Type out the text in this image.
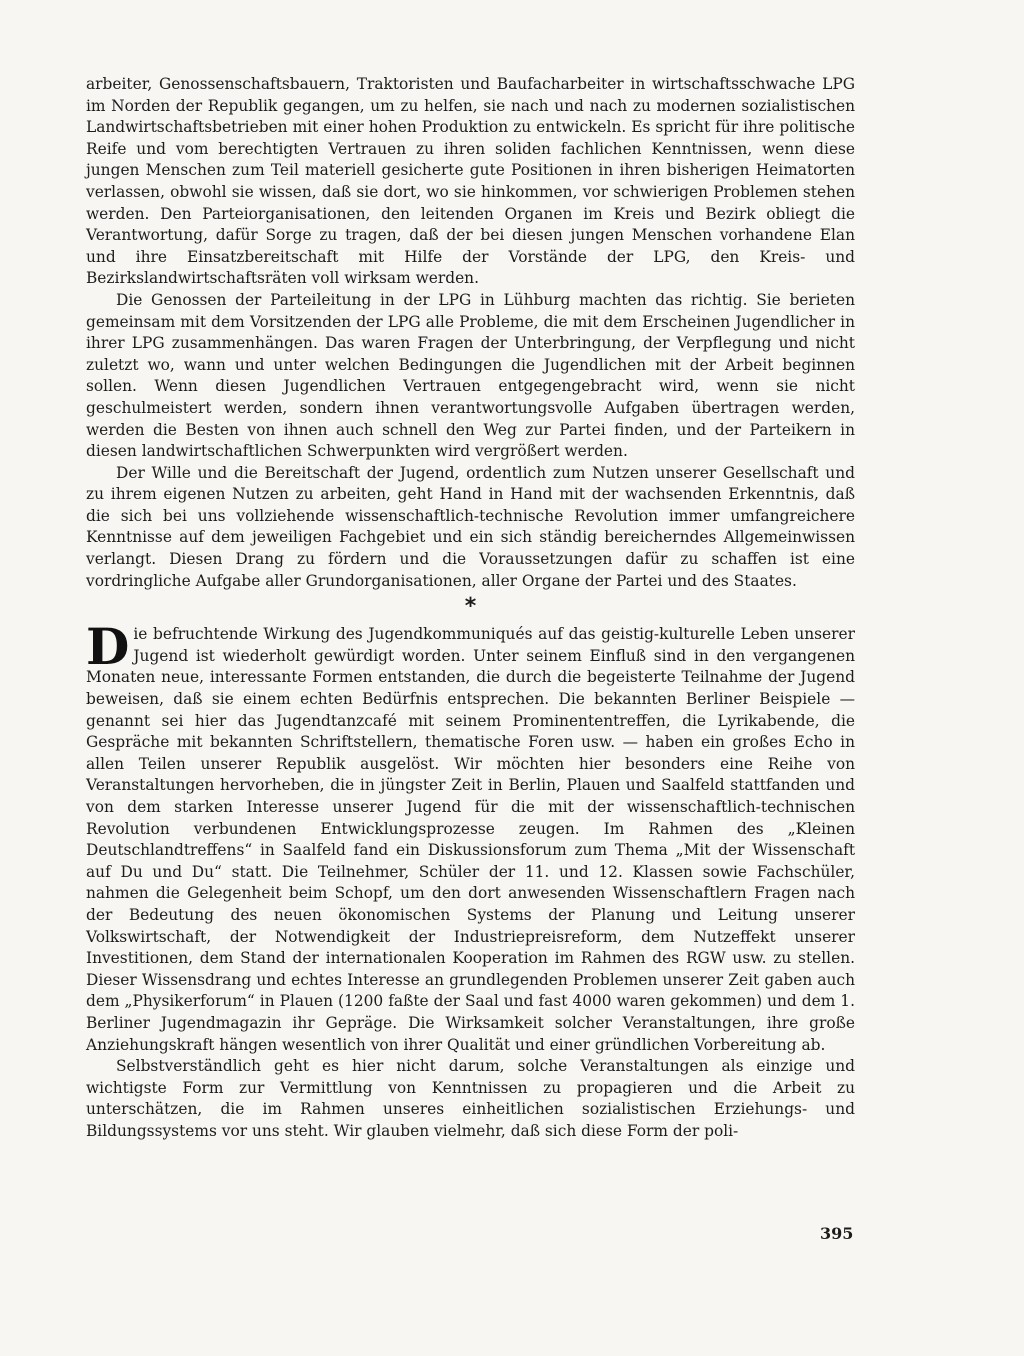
arbeiter, Genossenschaftsbauern, Traktoristen und Baufacharbeiter in wirtschaftsschwache LPG im Norden der Republik gegangen, um zu helfen, sie nach und nach zu modernen sozialistischen Landwirtschaftsbetrieben mit einer hohen Produktion zu entwickeln. Es spricht für ihre politische Reife und vom berechtigten Vertrauen zu ihren soliden fachlichen Kenntnissen, wenn diese jungen Menschen zum Teil materiell gesicherte gute Positionen in ihren bisherigen Heimatorten verlassen, obwohl sie wissen, daß sie dort, wo sie hinkommen, vor schwierigen Problemen stehen werden. Den Parteiorganisationen, den leitenden Organen im Kreis und Bezirk obliegt die Verantwortung, dafür Sorge zu tragen, daß der bei diesen jungen Menschen vorhandene Elan und ihre Einsatzbereitschaft mit Hilfe der Vorstände der LPG, den Kreis- und Bezirkslandwirtschaftsräten voll wirksam werden.

Die Genossen der Parteileitung in der LPG in Lühburg machten das richtig. Sie berieten gemeinsam mit dem Vorsitzenden der LPG alle Probleme, die mit dem Erscheinen Jugendlicher in ihrer LPG zusammenhängen. Das waren Fragen der Unterbringung, der Verpflegung und nicht zuletzt wo, wann und unter welchen Bedingungen die Jugendlichen mit der Arbeit beginnen sollen. Wenn diesen Jugendlichen Vertrauen entgegengebracht wird, wenn sie nicht geschulmeistert werden, sondern ihnen verantwortungsvolle Aufgaben übertragen werden, werden die Besten von ihnen auch schnell den Weg zur Partei finden, und der Parteikern in diesen landwirtschaftlichen Schwerpunkten wird vergrößert werden.

Der Wille und die Bereitschaft der Jugend, ordentlich zum Nutzen unserer Gesellschaft und zu ihrem eigenen Nutzen zu arbeiten, geht Hand in Hand mit der wachsenden Erkenntnis, daß die sich bei uns vollziehende wissenschaftlich-technische Revolution immer umfangreichere Kenntnisse auf dem jeweiligen Fachgebiet und ein sich ständig bereicherndes Allgemeinwissen verlangt. Diesen Drang zu fördern und die Voraussetzungen dafür zu schaffen ist eine vordringliche Aufgabe aller Grundorganisationen, aller Organe der Partei und des Staates.

*

Die befruchtende Wirkung des Jugendkommuniqués auf das geistig-kulturelle Leben unserer Jugend ist wiederholt gewürdigt worden. Unter seinem Einfluß sind in den vergangenen Monaten neue, interessante Formen entstanden, die durch die begeisterte Teilnahme der Jugend beweisen, daß sie einem echten Bedürfnis entsprechen. Die bekannten Berliner Beispiele — genannt sei hier das Jugendtanzcafé mit seinem Prominententreffen, die Lyrikabende, die Gespräche mit bekannten Schriftstellern, thematische Foren usw. — haben ein großes Echo in allen Teilen unserer Republik ausgelöst. Wir möchten hier besonders eine Reihe von Veranstaltungen hervorheben, die in jüngster Zeit in Berlin, Plauen und Saalfeld stattfanden und von dem starken Interesse unserer Jugend für die mit der wissenschaftlich-technischen Revolution verbundenen Entwicklungsprozesse zeugen. Im Rahmen des „Kleinen Deutschlandtreffens“ in Saalfeld fand ein Diskussionsforum zum Thema „Mit der Wissenschaft auf Du und Du“ statt. Die Teilnehmer, Schüler der 11. und 12. Klassen sowie Fachschüler, nahmen die Gelegenheit beim Schopf, um den dort anwesenden Wissenschaftlern Fragen nach der Bedeutung des neuen ökonomischen Systems der Planung und Leitung unserer Volkswirtschaft, der Notwendigkeit der Industriepreisreform, dem Nutzeffekt unserer Investitionen, dem Stand der internationalen Kooperation im Rahmen des RGW usw. zu stellen. Dieser Wissensdrang und echtes Interesse an grundlegenden Problemen unserer Zeit gaben auch dem „Physikerforum“ in Plauen (1200 faßte der Saal und fast 4000 waren gekommen) und dem 1. Berliner Jugendmagazin ihr Gepräge. Die Wirksamkeit solcher Veranstaltungen, ihre große Anziehungskraft hängen wesentlich von ihrer Qualität und einer gründlichen Vorbereitung ab.

Selbstverständlich geht es hier nicht darum, solche Veranstaltungen als einzige und wichtigste Form zur Vermittlung von Kenntnissen zu propagieren und die Arbeit zu unterschätzen, die im Rahmen unseres einheitlichen sozialistischen Erziehungs- und Bildungssystems vor uns steht. Wir glauben vielmehr, daß sich diese Form der poli-

395
